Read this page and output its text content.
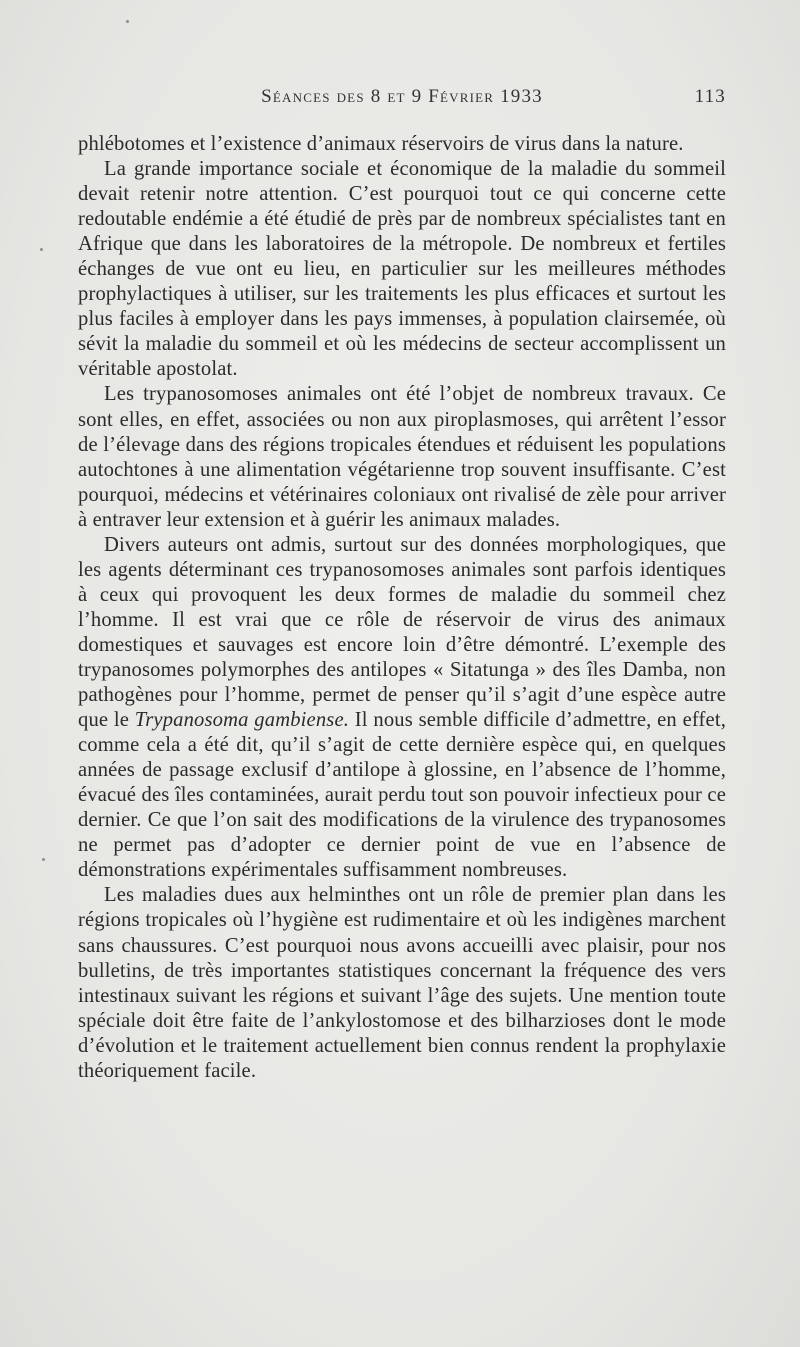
Séances des 8 et 9 Février 1933	113

phlébotomes et l’existence d’animaux réservoirs de virus dans la nature.

La grande importance sociale et économique de la maladie du sommeil devait retenir notre attention. C’est pourquoi tout ce qui concerne cette redoutable endémie a été étudié de près par de nombreux spécialistes tant en Afrique que dans les laboratoires de la métropole. De nombreux et fertiles échanges de vue ont eu lieu, en particulier sur les meilleures méthodes prophylactiques à utiliser, sur les traitements les plus efficaces et surtout les plus faciles à employer dans les pays immenses, à population clairsemée, où sévit la maladie du sommeil et où les médecins de secteur accomplissent un véritable apostolat.

Les trypanosomoses animales ont été l’objet de nombreux travaux. Ce sont elles, en effet, associées ou non aux piroplasmoses, qui arrêtent l’essor de l’élevage dans des régions tropicales étendues et réduisent les populations autochtones à une alimentation végétarienne trop souvent insuffisante. C’est pourquoi, médecins et vétérinaires coloniaux ont rivalisé de zèle pour arriver à entraver leur extension et à guérir les animaux malades.

Divers auteurs ont admis, surtout sur des données morphologiques, que les agents déterminant ces trypanosomoses animales sont parfois identiques à ceux qui provoquent les deux formes de maladie du sommeil chez l’homme. Il est vrai que ce rôle de réservoir de virus des animaux domestiques et sauvages est encore loin d’être démontré. L’exemple des trypanosomes polymorphes des antilopes « Sitatunga » des îles Damba, non pathogènes pour l’homme, permet de penser qu’il s’agit d’une espèce autre que le Trypanosoma gambiense. Il nous semble difficile d’admettre, en effet, comme cela a été dit, qu’il s’agit de cette dernière espèce qui, en quelques années de passage exclusif d’antilope à glossine, en l’absence de l’homme, évacué des îles contaminées, aurait perdu tout son pouvoir infectieux pour ce dernier. Ce que l’on sait des modifications de la virulence des trypanosomes ne permet pas d’adopter ce dernier point de vue en l’absence de démonstrations expérimentales suffisamment nombreuses.

Les maladies dues aux helminthes ont un rôle de premier plan dans les régions tropicales où l’hygiène est rudimentaire et où les indigènes marchent sans chaussures. C’est pourquoi nous avons accueilli avec plaisir, pour nos bulletins, de très importantes statistiques concernant la fréquence des vers intestinaux suivant les régions et suivant l’âge des sujets. Une mention toute spéciale doit être faite de l’ankylostomose et des bilharzioses dont le mode d’évolution et le traitement actuellement bien connus rendent la prophylaxie théoriquement facile.
